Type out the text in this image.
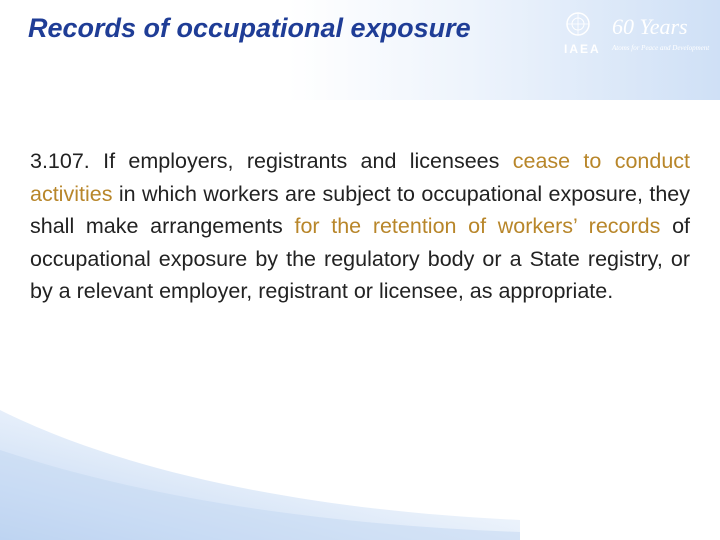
Records of occupational exposure
IAEA
60 Years
Atoms for Peace and Development

3.107. If employers, registrants and licensees cease to conduct activities in which workers are subject to occupational exposure, they shall make arrangements for the retention of workers’ records of occupational exposure by the regulatory body or a State registry, or by a relevant employer, registrant or licensee, as appropriate.
